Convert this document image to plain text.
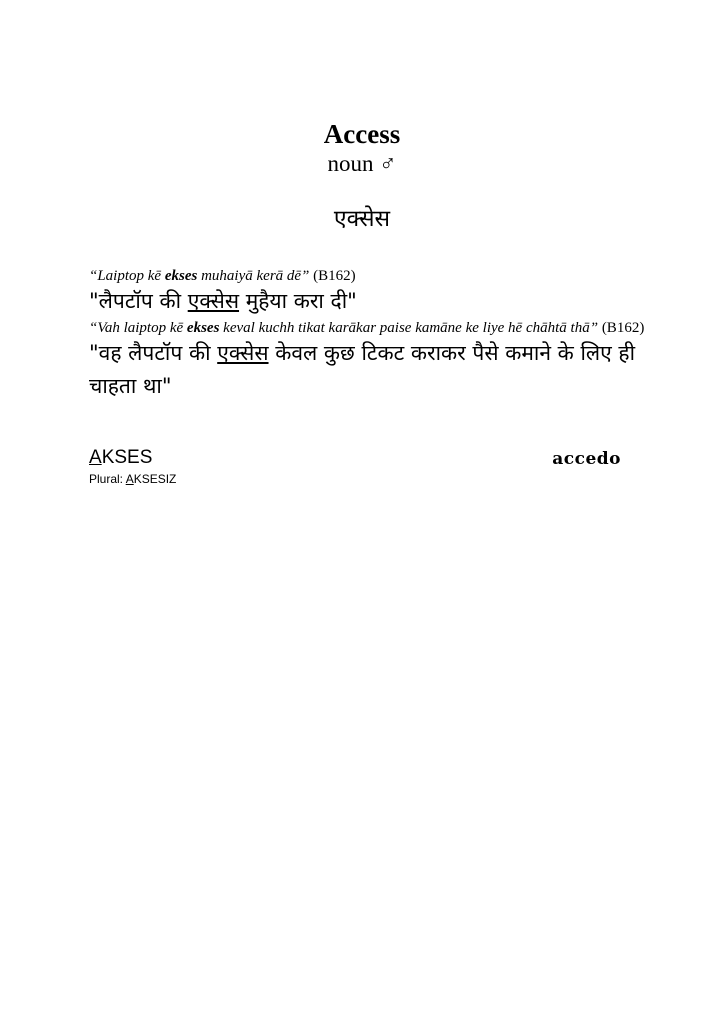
Access
noun ♂
एक्सेस

“Laiptop kē ekses muhaiyā kerā dē” (B162)

"लैपटॉप की एक्सेस मुहैया करा दी"

“Vah laiptop kē ekses keval kuchh tikat karākar paise kamāne ke liye hē chāhtā thā” (B162)

"वह लैपटॉप की एक्सेस केवल कुछ टिकट कराकर पैसे कमाने के लिए ही चाहता था"

AKSES
Plural: AKSESIZ
accedo
